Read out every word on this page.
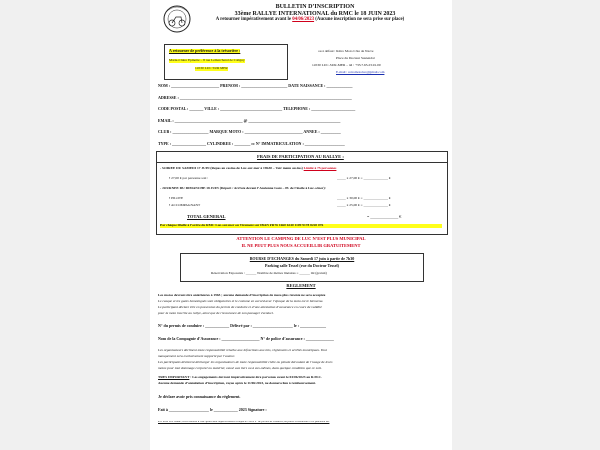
BULLETIN D’INSCRIPTION
33ème RALLYE INTERNATIONAL du RMC le 18 JUIN 2023
A retourner impérativement avant le 04/06/2023 (Aucune inscription ne sera prise sur place)
A retourner de préférence à la trésorière :
Marie-Claire Epinette – 8 rue Lemarchand de Caligny
14530 LUC SUR MER
ou à défaut : Rétro Moto Côte de Nacre
Place du Docteur Sustendal
14530 LUC-SUR-MER – tél : +33.7.65.23.91.00
E-mail : retromotoluc@gmail.com
NOM : ________________________ PRENOM : _______________________ DATE NAISSANCE : _____________
ADRESSE : ______________________________________________________________________________________
CODE POSTAL : _______ VILLE : _______________________________ TELEPHONE : ______________________
EMAIL : __________________________________ @ ______________________________________________
CLUB : __________________ MARQUE MOTO : _____________________________ ANNEE : __________
TYPE : _________________ CYLINDREE : ________ cc N° IMMATRICULATION : ____________________
FRAIS DE PARTICIPATION AU RALLYE :
- SOIREE DU SAMEDI 17 JUIN (Repas au casino de Luc-sur-mer à 19h30 – Voir menu au dos) Limité à 75 personnes
▪ 27,00 € par personne soit :	_____ x 27,00 € = ______________ €
- JOURNEE DU DIMANCHE 18 JUIN (Départ / Arrivée devant l’Ancienne Gare – Pl. de l’étoile à Luc-s/mer):
▪ PILOTE	_____ x 30,00 € = ______________ €
▪ ACCOMPAGNANT	_____ x 25,00 € = ______________ €
TOTAL GENERAL	= ______________ €
Par chèque libellé à l’ordre du RMC Luc-sur-mer ou Virement sur IBAN FR76 1660 6240 1109 9178 8220 076
ATTENTION LE CAMPING DE LUC N’EST PLUS MUNICIPAL
IL NE PEUT PLUS NOUS ACCUEILLIR GRATUITEMENT
BOURSE D’ECHANGES du Samedi 17 juin à partir de 7h30
Parking salle Tessel (rue du Docteur Tessel)
Réservation Exposants : ______ Nombre de mètres linéaires = ______ ml (gratuit)
REGLEMENT
Les motos devront être antérieures à 1965 ; aucune demande d’inscription de moto plus récente ne sera acceptée
Le casque et les gants homologués sont obligatoires et le costume en accord avec l’époque de la moto est le bienvenu.
Le participant déclare être en possession du permis de conduire et d’une attestation d’assurance en cours de validité
pour la moto inscrite au rallye, ainsi que de l’assurance de son passager éventuel.
N° du permis de conduire : ____________ Délivré par : ____________________ le : _____________
Nom de la Compagnie d’Assurance : ___________________ N° de police d’assurance : ______________
Les organisateurs déclinent toute responsabilité relative aux infractions aux lois, règlements et arrêtés municipaux. Tout
manquement sera exclusivement supporté par l’auteur.
Les participants déclarent décharger les organisateurs de toute responsabilité civile ou pénale découlant de l’usage de leurs
motos pour tout dommage corporel ou matériel, causé aux tiers ou à eux-mêmes, dans quelque condition que ce soit.
TRES IMPORTANT : Les engagements devront impérativement être parvenus avant le 04/06/2023 au R.M.C.
Aucune demande d’annulation d’inscription, reçue après le 11/06/2023, ne donnera lieu à remboursement.
Je déclare avoir pris connaissance du règlement.
Fait à ____________________ le ____________ 2023 Signature :
P.S. Pour être valide, votre bulletin d’inscription doit impérativement comporter votre n° de permis de conduire, de police d’assurance et le paiement dû.
